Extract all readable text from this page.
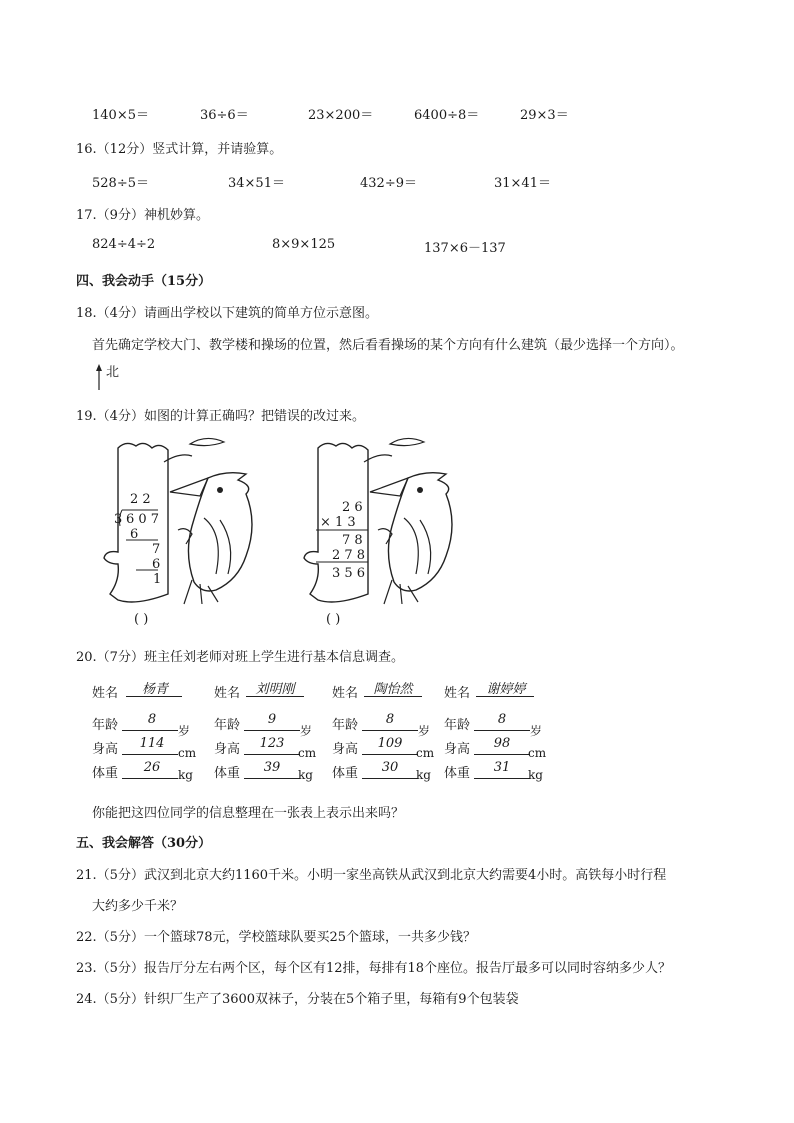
140×5＝	36÷6＝	23×200＝	6400÷8＝	29×3＝
16.（12分）竖式计算，并请验算。
528÷5＝	34×51＝	432÷9＝	31×41＝
17.（9分）神机妙算。
824÷4÷2	8×9×125	137×6－137
四、我会动手（15分）
18.（4分）请画出学校以下建筑的简单方位示意图。
首先确定学校大门、教学楼和操场的位置，然后看看操场的某个方向有什么建筑（最少选择一个方向）。
北
19.（4分）如图的计算正确吗？把错误的改过来。
2 2
3 6 0 7
6
7
6
1
( )
2 6
× 1 3
7 8
2 7 8
3 5 6
( )
20.（7分）班主任刘老师对班上学生进行基本信息调查。
姓名	杨青
年龄	8
岁
身高	114
cm
体重	26	kg
姓名	刘明刚
年龄	9
岁
身高	123
cm
体重	39	kg
姓名	陶怡然
年龄	8
岁
身高	109
cm
体重	30	kg
姓名	谢婷婷
年龄	8
岁
身高	98
cm
体重	31	kg
你能把这四位同学的信息整理在一张表上表示出来吗？
五、我会解答（30分）
21.（5分）武汉到北京大约1160千米。小明一家坐高铁从武汉到北京大约需要4小时。高铁每小时行程
大约多少千米？
22.（5分）一个篮球78元，学校篮球队要买25个篮球，一共多少钱？
23.（5分）报告厅分左右两个区，每个区有12排，每排有18个座位。报告厅最多可以同时容纳多少人？
24.（5分）针织厂生产了3600双袜子，分装在5个箱子里，每箱有9个包装袋
